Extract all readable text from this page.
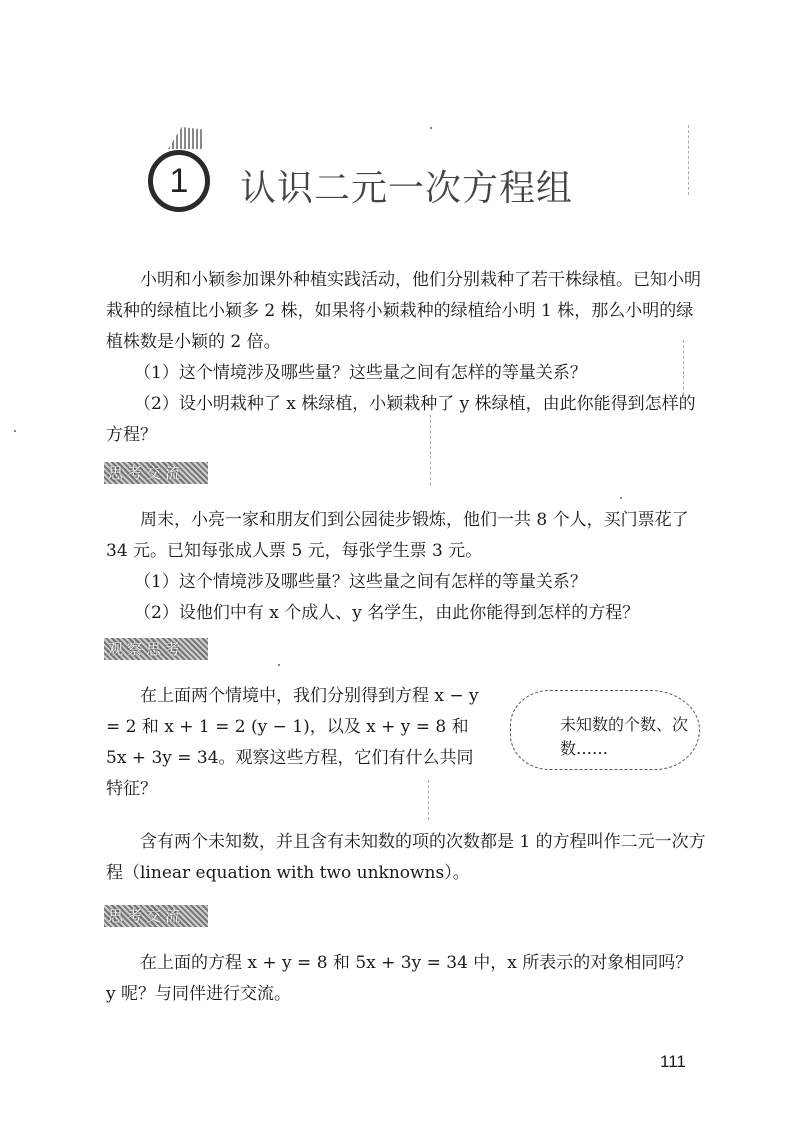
1 认识二元一次方程组

小明和小颖参加课外种植实践活动，他们分别栽种了若干株绿植。已知小明栽种的绿植比小颖多 2 株，如果将小颖栽种的绿植给小明 1 株，那么小明的绿植株数是小颖的 2 倍。

（1）这个情境涉及哪些量？这些量之间有怎样的等量关系？

（2）设小明栽种了 x 株绿植，小颖栽种了 y 株绿植，由此你能得到怎样的方程？

思考交流

周末，小亮一家和朋友们到公园徒步锻炼，他们一共 8 个人，买门票花了 34 元。已知每张成人票 5 元，每张学生票 3 元。

（1）这个情境涉及哪些量？这些量之间有怎样的等量关系？

（2）设他们中有 x 个成人、y 名学生，由此你能得到怎样的方程？

观察思考

在上面两个情境中，我们分别得到方程 x − y = 2 和 x + 1 = 2 (y − 1)，以及 x + y = 8 和 5x + 3y = 34。观察这些方程，它们有什么共同特征？

未知数的个数、次数……

含有两个未知数，并且含有未知数的项的次数都是 1 的方程叫作二元一次方程（linear equation with two unknowns）。

思考交流

在上面的方程 x + y = 8 和 5x + 3y = 34 中，x 所表示的对象相同吗？ y 呢？与同伴进行交流。

111
